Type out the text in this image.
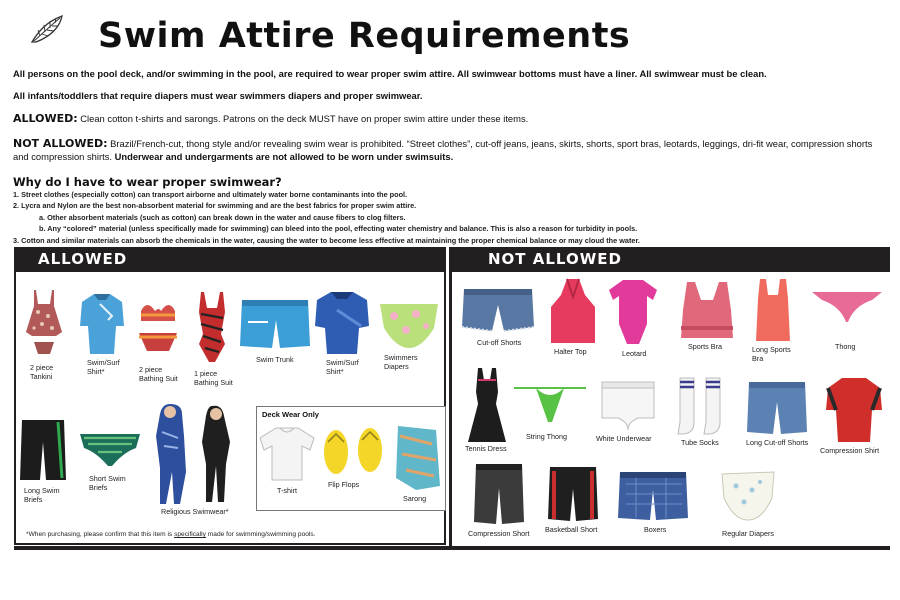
Swim Attire Requirements

All persons on the pool deck, and/or swimming in the pool, are required to wear proper swim attire. All swimwear bottoms must have a liner. All swimwear must be clean.

All infants/toddlers that require diapers must wear swimmers diapers and proper swimwear.

ALLOWED: Clean cotton t-shirts and sarongs. Patrons on the deck MUST have on proper swim attire under these items.

NOT ALLOWED: Brazil/French-cut, thong style and/or revealing swim wear is prohibited. “Street clothes”, cut-off jeans, jeans, skirts, shorts, sport bras, leotards, leggings, dri-fit wear, compression shorts and compression shirts. Underwear and undergarments are not allowed to be worn under swimsuits.

Why do I have to wear proper swimwear?
1. Street clothes (especially cotton) can transport airborne and ultimately water borne contaminants into the pool.
2. Lycra and Nylon are the best non-absorbent material for swimming and are the best fabrics for proper swim attire.
a. Other absorbent materials (such as cotton) can break down in the water and cause fibers to clog filters.
b. Any “colored” material (unless specifically made for swimming) can bleed into the pool, effecting water chemistry and balance. This is also a reason for turbidity in pools.
3. Cotton and similar materials can absorb the chemicals in the water, causing the water to become less effective at maintaining the proper chemical balance or may cloud the water.
ALLOWED	NOT ALLOWED
2 piece Tankini
Swim/Surf Shirt*	2 piece Bathing Suit
1 piece Bathing Suit
Swim Trunk	Swim/Surf Shirt*
Swimmers Diapers
Long Swim Briefs
Short Swim Briefs
Religious Swimwear*
Deck Wear Only
T-shirt
Flip Flops
Sarong
*When purchasing, please confirm that this item is specifically made for swimming/swimming pools.
Cut-off Shorts
Halter Top	Leotard
Sports Bra	Long Sports Bra
Thong
Tennis Dress
String Thong	White Underwear	Tube Socks	Long Cut-off Shorts
Compression Shirt
Compression Short	Basketball Short	Boxers	Regular Diapers
